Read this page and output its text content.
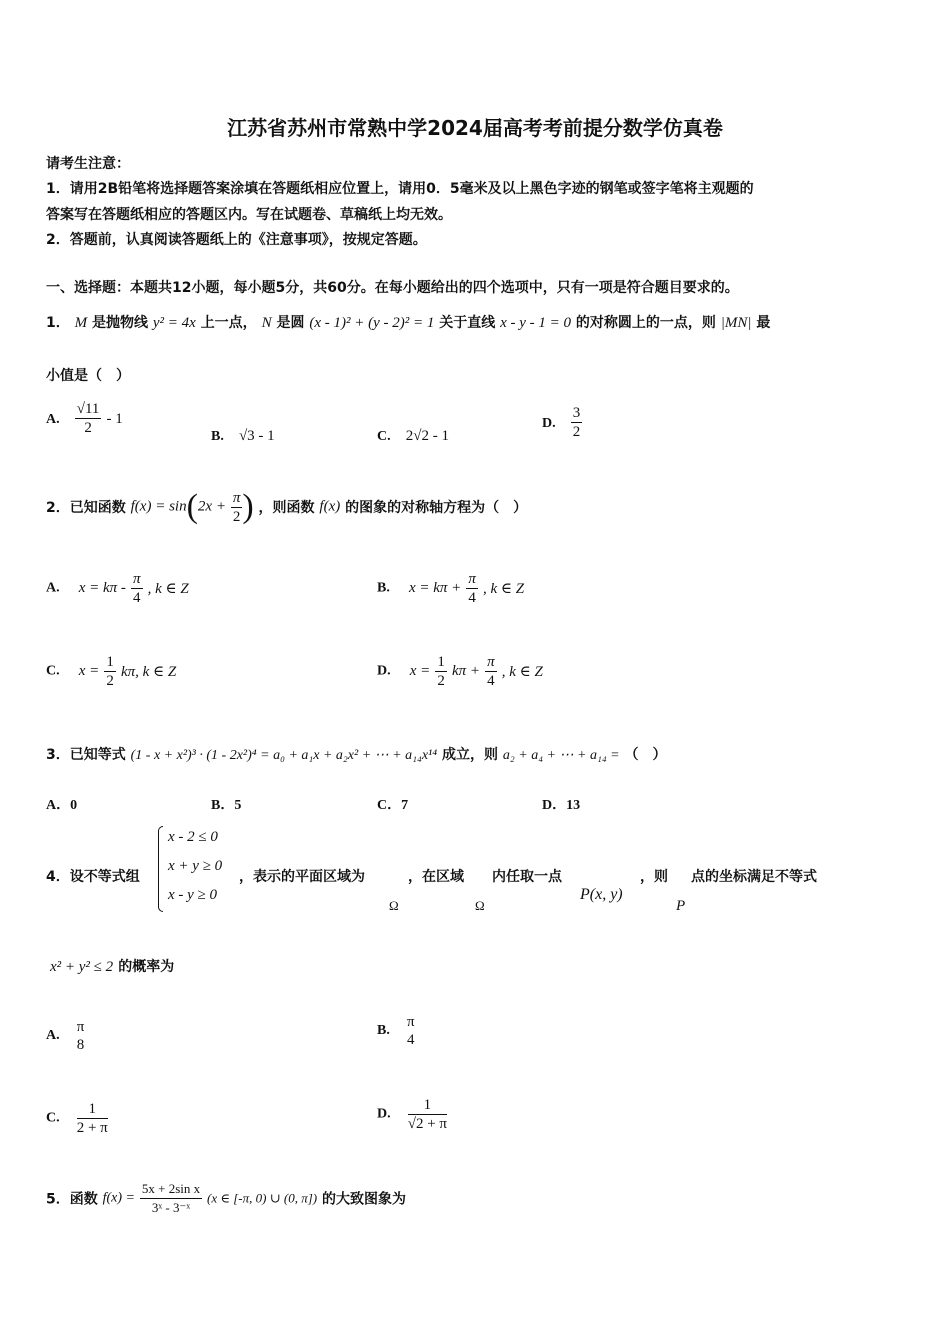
江苏省苏州市常熟中学2024届高考考前提分数学仿真卷
请考生注意：
1．请用2B铅笔将选择题答案涂填在答题纸相应位置上，请用0．5毫米及以上黑色字迹的钢笔或签字笔将主观题的
答案写在答题纸相应的答题区内。写在试题卷、草稿纸上均无效。
2．答题前，认真阅读答题纸上的《注意事项》，按规定答题。
一、选择题：本题共12小题，每小题5分，共60分。在每小题给出的四个选项中，只有一项是符合题目要求的。
1． M 是抛物线 y² = 4x 上一点， N 是圆 (x - 1)² + (y - 2)² = 1 关于直线 x - y - 1 = 0 的对称圆上的一点，则 |MN| 最
小值是（　）
A. $\frac{√11}{2} - 1$
B. √3 - 1	C. 2√2 - 1
D. $\frac{3}{2}$
2．已知函数 $f(x) = \sin(2x + \frac{\pi}{2}$ ) ，则函数 f(x) 的图象的对称轴方程为（　）
A. $x = k\pi - \frac{\pi}{4}$ , k ∈ Z	B. $x = k\pi + \frac{\pi}{4}$ , k ∈ Z
C. $x = \frac{1}{2} k\pi$, k ∈ Z	D. $x = \frac{1}{2}$ $k\pi + \frac{\pi}{4}$ , k ∈ Z
3．已知等式 (1 - x + x²)³ · (1 - 2x²)⁴ = a₀ + a₁x + a₂x² + ⋯ + a₁₄x¹⁴ 成立，则 a₂ + a₄ + ⋯ + a₁₄ = （　）
A．0	B．5	C．7	D．13
4．设不等式组
x - 2 ≤ 0
x + y ≥ 0
x - y ≥ 0
，表示的平面区域为	，在区域 内任取一点	，则 点的坐标满足不等式
Ω	Ω
P(x, y)
P
x² + y² ≤ 2 的概率为
A.
π
8
B.
π
4
C. $\frac{1}{2 + \pi}$	D. $\frac{1}{√2 + \pi}$
5．函数 $f(x) = \frac{\text{5x + 2sin x}}{\text{3ˣ - 3⁻ˣ}} (x$ ∈ [-π, 0) ∪ (0, π]) 的大致图象为
